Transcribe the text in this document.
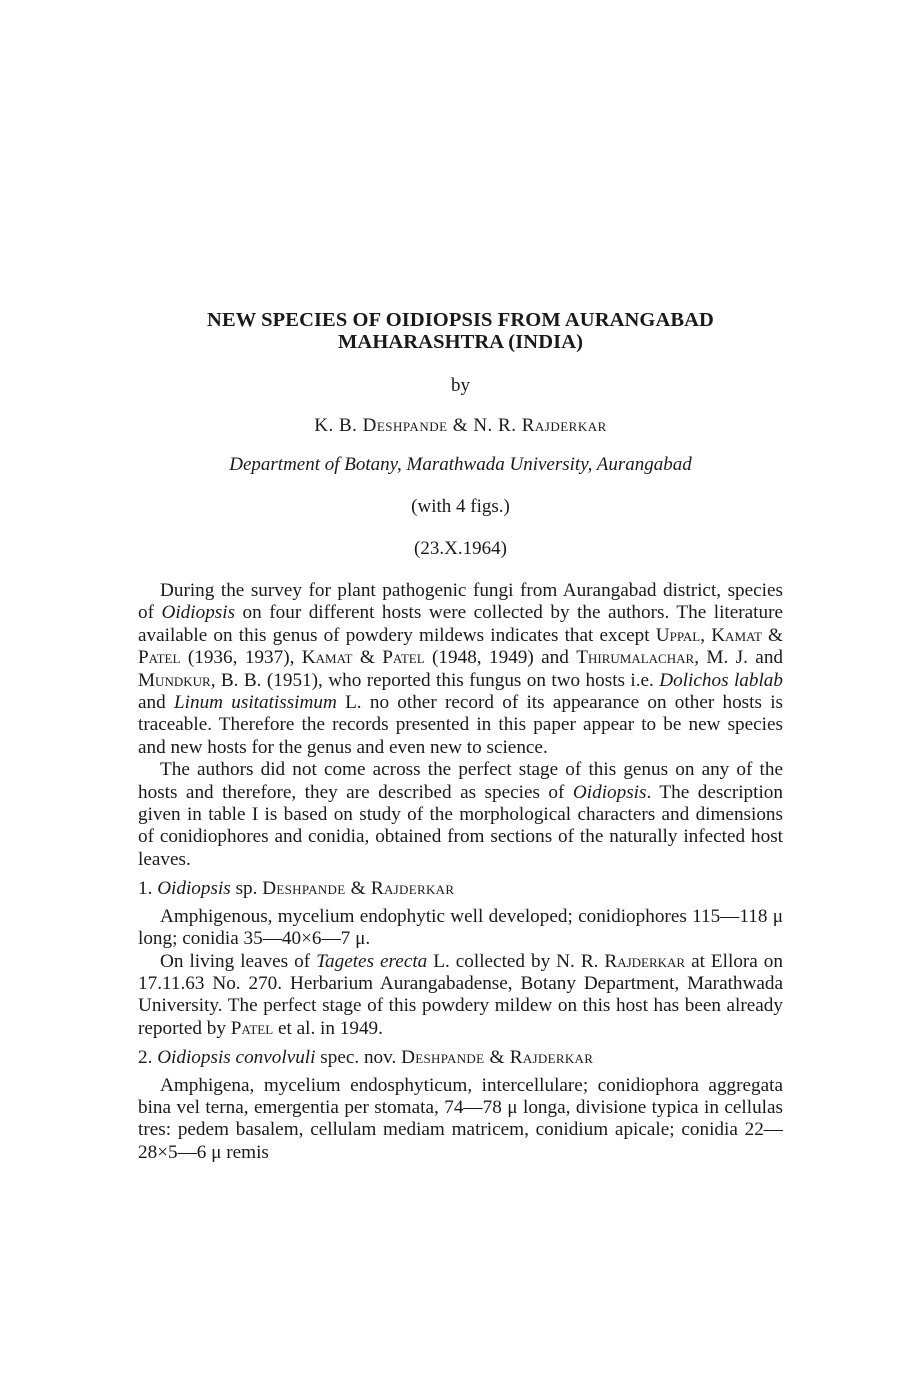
NEW SPECIES OF OIDIOPSIS FROM AURANGABAD
MAHARASHTRA (INDIA)

by

K. B. Deshpande & N. R. Rajderkar

Department of Botany, Marathwada University, Aurangabad

(with 4 figs.)

(23.X.1964)

During the survey for plant pathogenic fungi from Aurangabad district, species of Oidiopsis on four different hosts were collected by the authors. The literature available on this genus of powdery mildews indicates that except Uppal, Kamat & Patel (1936, 1937), Kamat & Patel (1948, 1949) and Thirumalachar, M. J. and Mundkur, B. B. (1951), who reported this fungus on two hosts i.e. Dolichos lablab and Linum usitatissimum L. no other record of its appearance on other hosts is traceable. Therefore the records presented in this paper appear to be new species and new hosts for the genus and even new to science.

The authors did not come across the perfect stage of this genus on any of the hosts and therefore, they are described as species of Oidiopsis. The description given in table I is based on study of the morphological characters and dimensions of conidiophores and conidia, obtained from sections of the naturally infected host leaves.

1. Oidiopsis sp. Deshpande & Rajderkar

Amphigenous, mycelium endophytic well developed; conidiophores 115—118 μ long; conidia 35—40×6—7 μ.

On living leaves of Tagetes erecta L. collected by N. R. Rajderkar at Ellora on 17.11.63 No. 270. Herbarium Aurangabadense, Botany Department, Marathwada University. The perfect stage of this powdery mildew on this host has been already reported by Patel et al. in 1949.

2. Oidiopsis convolvuli spec. nov. Deshpande & Rajderkar

Amphigena, mycelium endosphyticum, intercellulare; conidiophora aggregata bina vel terna, emergentia per stomata, 74—78 μ longa, divisione typica in cellulas tres: pedem basalem, cellulam mediam matricem, conidium apicale; conidia 22—28×5—6 μ remis
